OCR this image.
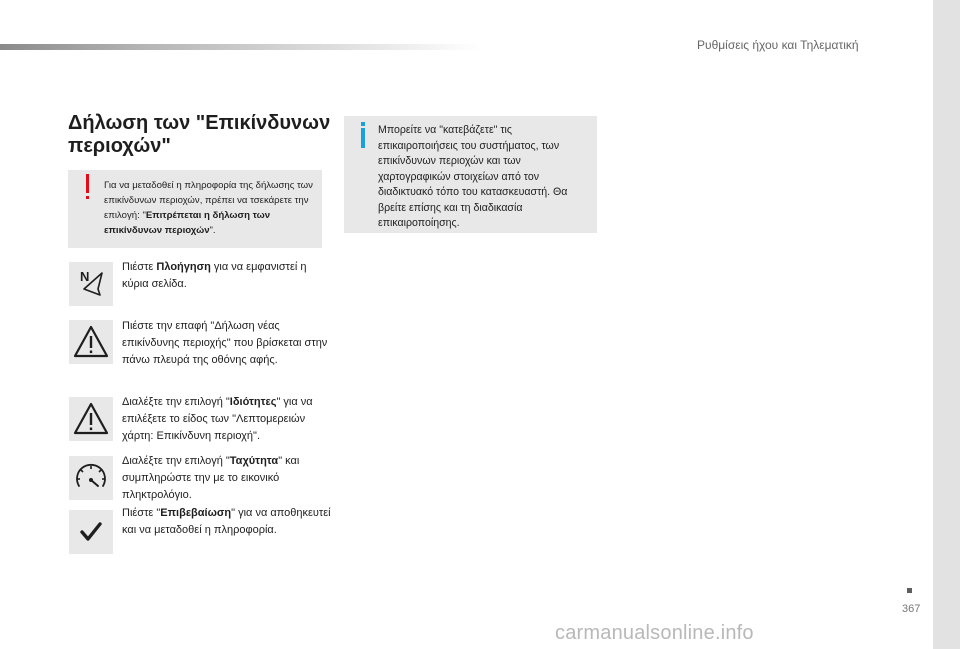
Ρυθμίσεις ήχου και Τηλεματική
Δήλωση των "Επικίνδυνων περιοχών"
Για να μεταδοθεί η πληροφορία της δήλωσης των επικίνδυνων περιοχών, πρέπει να τσεκάρετε την επιλογή: "Επιτρέπεται η δήλωση των επικίνδυνων περιοχών".
Μπορείτε να "κατεβάζετε" τις επικαιροποιήσεις του συστήματος, των επικίνδυνων περιοχών και των χαρτογραφικών στοιχείων από τον διαδικτυακό τόπο του κατασκευαστή. Θα βρείτε επίσης και τη διαδικασία επικαιροποίησης.
N
Πιέστε Πλοήγηση για να εμφανιστεί η κύρια σελίδα.
Πιέστε την επαφή "Δήλωση νέας επικίνδυνης περιοχής" που βρίσκεται στην πάνω πλευρά της οθόνης αφής.
Διαλέξτε την επιλογή "Ιδιότητες" για να επιλέξετε το είδος των "Λεπτομερειών χάρτη: Επικίνδυνη περιοχή".
Διαλέξτε την επιλογή "Ταχύτητα" και συμπληρώστε την με το εικονικό πληκτρολόγιο.
Πιέστε "Επιβεβαίωση" για να αποθηκευτεί και να μεταδοθεί η πληροφορία.
367
carmanualsonline.info
